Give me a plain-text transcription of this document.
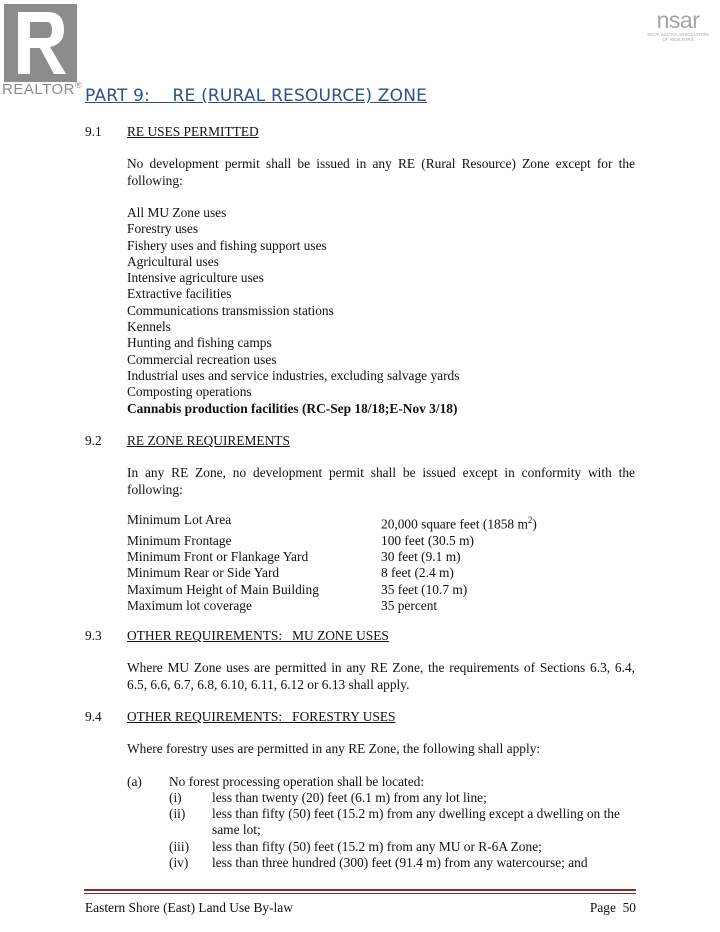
REALTOR®
nsar
NOVA SCOTIA ASSOCIATION OF REALTORS
PART 9:    RE (RURAL RESOURCE) ZONE
9.1 RE USES PERMITTED
No development permit shall be issued in any RE (Rural Resource) Zone except for the following:
All MU Zone uses
Forestry uses
Fishery uses and fishing support uses
Agricultural uses
Intensive agriculture uses
Extractive facilities
Communications transmission stations
Kennels
Hunting and fishing camps
Commercial recreation uses
Industrial uses and service industries, excluding salvage yards
Composting operations
Cannabis production facilities (RC-Sep 18/18;E-Nov 3/18)
9.2 RE ZONE REQUIREMENTS
In any RE Zone, no development permit shall be issued except in conformity with the following:
Minimum Lot Area	20,000 square feet (1858 $m^2$)
Minimum Frontage	100 feet (30.5 m)
Minimum Front or Flankage Yard	30 feet (9.1 m)
Minimum Rear or Side Yard	8 feet (2.4 m)
Maximum Height of Main Building	35 feet (10.7 m)
Maximum lot coverage	35 percent
9.3 OTHER REQUIREMENTS:   MU ZONE USES
Where MU Zone uses are permitted in any RE Zone, the requirements of Sections 6.3, 6.4, 6.5, 6.6, 6.7, 6.8, 6.10, 6.11, 6.12 or 6.13 shall apply.
9.4 OTHER REQUIREMENTS:   FORESTRY USES
Where forestry uses are permitted in any RE Zone, the following shall apply:
(a) No forest processing operation shall be located:
(i) less than twenty (20) feet (6.1 m) from any lot line;
(ii) less than fifty (50) feet (15.2 m) from any dwelling except a dwelling on the same lot;
(iii) less than fifty (50) feet (15.2 m) from any MU or R-6A Zone;
(iv) less than three hundred (300) feet (91.4 m) from any watercourse; and
Eastern Shore (East) Land Use By-law	Page 50
